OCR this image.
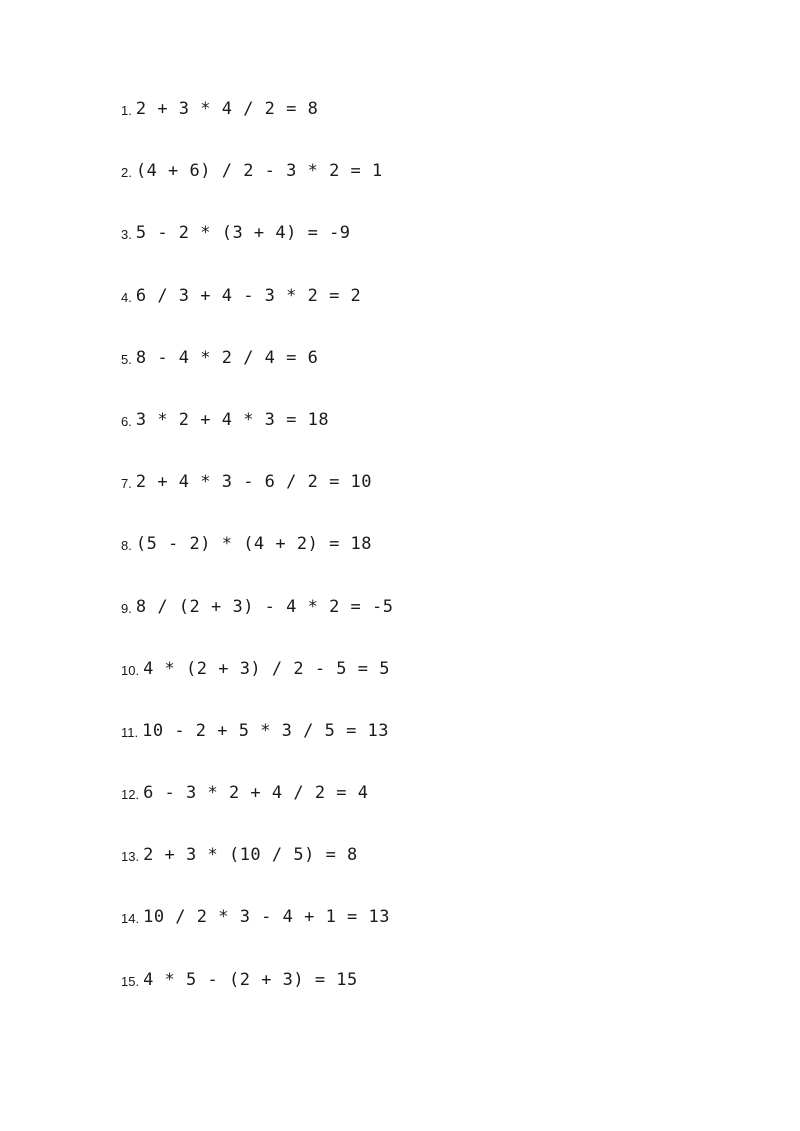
1. 2 + 3 * 4 / 2 = 8
2. (4 + 6) / 2 - 3 * 2 = 1
3. 5 - 2 * (3 + 4) = -9
4. 6 / 3 + 4 - 3 * 2 = 2
5. 8 - 4 * 2 / 4 = 6
6. 3 * 2 + 4 * 3 = 18
7. 2 + 4 * 3 - 6 / 2 = 10
8. (5 - 2) * (4 + 2) = 18
9. 8 / (2 + 3) - 4 * 2 = -5
10. 4 * (2 + 3) / 2 - 5 = 5
11. 10 - 2 + 5 * 3 / 5 = 13
12. 6 - 3 * 2 + 4 / 2 = 4
13. 2 + 3 * (10 / 5) = 8
14. 10 / 2 * 3 - 4 + 1 = 13
15. 4 * 5 - (2 + 3) = 15
